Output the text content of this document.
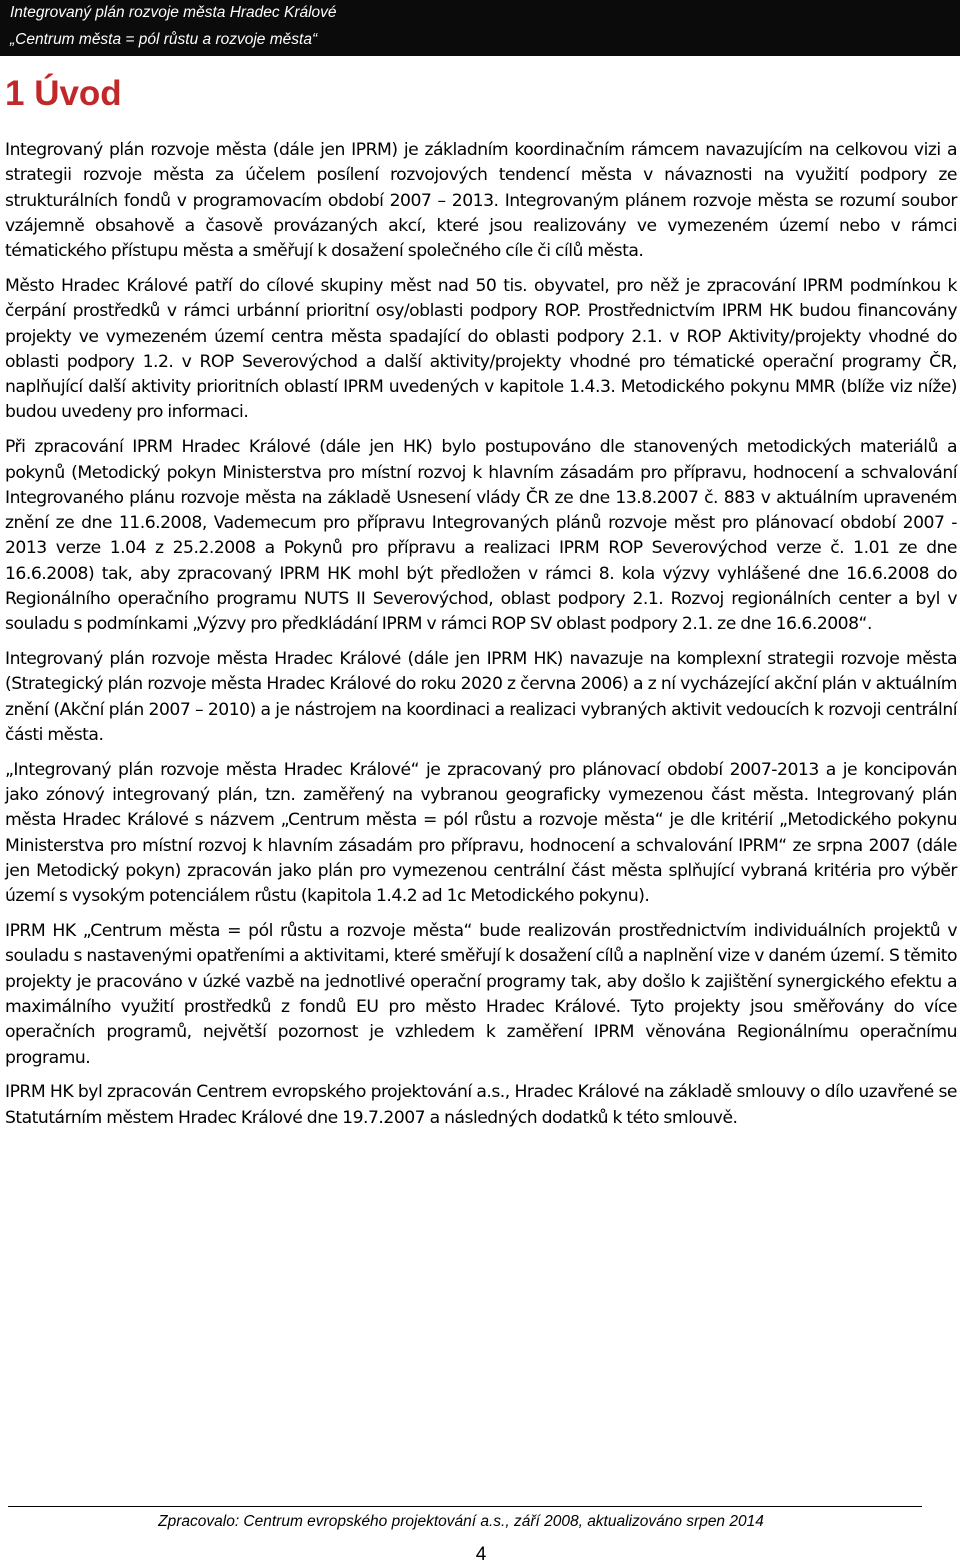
Integrovaný plán rozvoje města Hradec Králové
„Centrum města = pól růstu a rozvoje města“
1 Úvod

Integrovaný plán rozvoje města (dále jen IPRM) je základním koordinačním rámcem navazujícím na celkovou vizi a strategii rozvoje města za účelem posílení rozvojových tendencí města v návaznosti na využití podpory ze strukturálních fondů v programovacím období 2007 – 2013. Integrovaným plánem rozvoje města se rozumí soubor vzájemně obsahově a časově provázaných akcí, které jsou realizovány ve vymezeném území nebo v rámci tématického přístupu města a směřují k dosažení společného cíle či cílů města.

Město Hradec Králové patří do cílové skupiny měst nad 50 tis. obyvatel, pro něž je zpracování IPRM podmínkou k čerpání prostředků v rámci urbánní prioritní osy/oblasti podpory ROP. Prostřednictvím IPRM HK budou financovány projekty ve vymezeném území centra města spadající do oblasti podpory 2.1. v ROP Aktivity/projekty vhodné do oblasti podpory 1.2. v ROP Severovýchod a další aktivity/projekty vhodné pro tématické operační programy ČR, naplňující další aktivity prioritních oblastí IPRM uvedených v kapitole 1.4.3. Metodického pokynu MMR (blíže viz níže) budou uvedeny pro informaci.

Při zpracování IPRM Hradec Králové (dále jen HK) bylo postupováno dle stanovených metodických materiálů a pokynů (Metodický pokyn Ministerstva pro místní rozvoj k hlavním zásadám pro přípravu, hodnocení a schvalování Integrovaného plánu rozvoje města na základě Usnesení vlády ČR ze dne 13.8.2007 č. 883 v aktuálním upraveném znění ze dne 11.6.2008, Vademecum pro přípravu Integrovaných plánů rozvoje měst pro plánovací období 2007 - 2013 verze 1.04 z 25.2.2008 a Pokynů pro přípravu a realizaci IPRM ROP Severovýchod verze č. 1.01 ze dne 16.6.2008) tak, aby zpracovaný IPRM HK mohl být předložen v rámci 8. kola výzvy vyhlášené dne 16.6.2008 do Regionálního operačního programu NUTS II Severovýchod, oblast podpory 2.1. Rozvoj regionálních center a byl v souladu s podmínkami „Výzvy pro předkládání IPRM v rámci ROP SV oblast podpory 2.1. ze dne 16.6.2008“.

Integrovaný plán rozvoje města Hradec Králové (dále jen IPRM HK) navazuje na komplexní strategii rozvoje města (Strategický plán rozvoje města Hradec Králové do roku 2020 z června 2006) a z ní vycházející akční plán v aktuálním znění (Akční plán 2007 – 2010) a je nástrojem na koordinaci a realizaci vybraných aktivit vedoucích k rozvoji centrální části města.

„Integrovaný plán rozvoje města Hradec Králové“ je zpracovaný pro plánovací období 2007-2013 a je koncipován jako zónový integrovaný plán, tzn. zaměřený na vybranou geograficky vymezenou část města. Integrovaný plán města Hradec Králové s názvem „Centrum města = pól růstu a rozvoje města“ je dle kritérií „Metodického pokynu Ministerstva pro místní rozvoj k hlavním zásadám pro přípravu, hodnocení a schvalování IPRM“ ze srpna 2007 (dále jen Metodický pokyn) zpracován jako plán pro vymezenou centrální část města splňující vybraná kritéria pro výběr území s vysokým potenciálem růstu (kapitola 1.4.2 ad 1c Metodického pokynu).

IPRM HK „Centrum města = pól růstu a rozvoje města“ bude realizován prostřednictvím individuálních projektů v souladu s nastavenými opatřeními a aktivitami, které směřují k dosažení cílů a naplnění vize v daném území. S těmito projekty je pracováno v úzké vazbě na jednotlivé operační programy tak, aby došlo k zajištění synergického efektu a maximálního využití prostředků z fondů EU pro město Hradec Králové. Tyto projekty jsou směřovány do více operačních programů, největší pozornost je vzhledem k zaměření IPRM věnována Regionálnímu operačnímu programu.

IPRM HK byl zpracován Centrem evropského projektování a.s., Hradec Králové na základě smlouvy o dílo uzavřené se Statutárním městem Hradec Králové dne 19.7.2007 a následných dodatků k této smlouvě.

Zpracovalo: Centrum evropského projektování a.s., září 2008, aktualizováno srpen 2014
4
